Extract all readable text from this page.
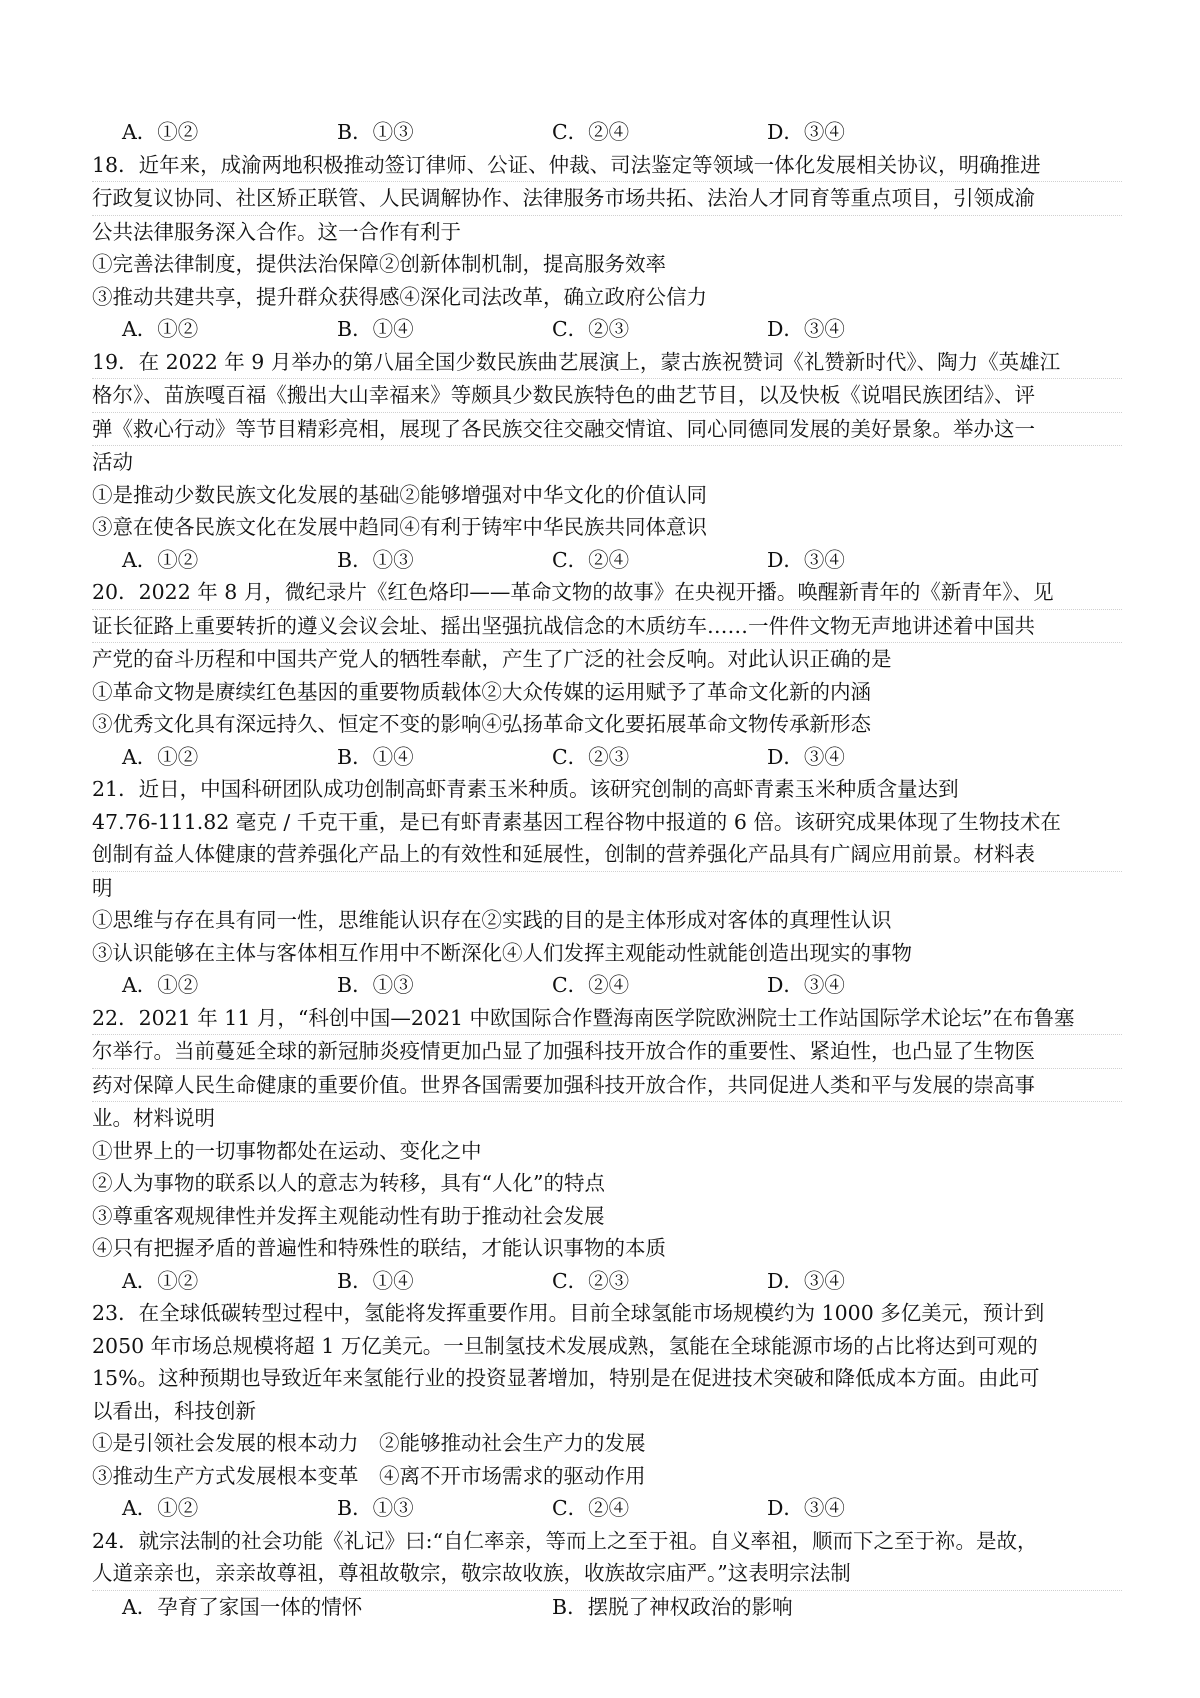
A．①②	B．①③	C．②④	D．③④
18．近年来，成渝两地积极推动签订律师、公证、仲裁、司法鉴定等领域一体化发展相关协议，明确推进
行政复议协同、社区矫正联管、人民调解协作、法律服务市场共拓、法治人才同育等重点项目，引领成渝
公共法律服务深入合作。这一合作有利于
①完善法律制度，提供法治保障②创新体制机制，提高服务效率
③推动共建共享，提升群众获得感④深化司法改革，确立政府公信力
A．①②	B．①④	C．②③	D．③④
19．在 2022 年 9 月举办的第八届全国少数民族曲艺展演上，蒙古族祝赞词《礼赞新时代》、陶力《英雄江
格尔》、苗族嘎百福《搬出大山幸福来》等颇具少数民族特色的曲艺节目，以及快板《说唱民族团结》、评
弹《救心行动》等节目精彩亮相，展现了各民族交往交融交情谊、同心同德同发展的美好景象。举办这一
活动
①是推动少数民族文化发展的基础②能够增强对中华文化的价值认同
③意在使各民族文化在发展中趋同④有利于铸牢中华民族共同体意识
A．①②	B．①③	C．②④	D．③④
20．2022 年 8 月，微纪录片《红色烙印——革命文物的故事》在央视开播。唤醒新青年的《新青年》、见
证长征路上重要转折的遵义会议会址、摇出坚强抗战信念的木质纺车……一件件文物无声地讲述着中国共
产党的奋斗历程和中国共产党人的牺牲奉献，产生了广泛的社会反响。对此认识正确的是
①革命文物是赓续红色基因的重要物质载体②大众传媒的运用赋予了革命文化新的内涵
③优秀文化具有深远持久、恒定不变的影响④弘扬革命文化要拓展革命文物传承新形态
A．①②	B．①④	C．②③	D．③④
21．近日，中国科研团队成功创制高虾青素玉米种质。该研究创制的高虾青素玉米种质含量达到
47.76-111.82 毫克 / 千克干重，是已有虾青素基因工程谷物中报道的 6 倍。该研究成果体现了生物技术在
创制有益人体健康的营养强化产品上的有效性和延展性，创制的营养强化产品具有广阔应用前景。材料表
明
①思维与存在具有同一性，思维能认识存在②实践的目的是主体形成对客体的真理性认识
③认识能够在主体与客体相互作用中不断深化④人们发挥主观能动性就能创造出现实的事物
A．①②	B．①③	C．②④	D．③④
22．2021 年 11 月，“科创中国—2021 中欧国际合作暨海南医学院欧洲院士工作站国际学术论坛”在布鲁塞
尔举行。当前蔓延全球的新冠肺炎疫情更加凸显了加强科技开放合作的重要性、紧迫性，也凸显了生物医
药对保障人民生命健康的重要价值。世界各国需要加强科技开放合作，共同促进人类和平与发展的崇高事
业。材料说明
①世界上的一切事物都处在运动、变化之中
②人为事物的联系以人的意志为转移，具有“人化”的特点
③尊重客观规律性并发挥主观能动性有助于推动社会发展
④只有把握矛盾的普遍性和特殊性的联结，才能认识事物的本质
A．①②	B．①④	C．②③	D．③④
23．在全球低碳转型过程中，氢能将发挥重要作用。目前全球氢能市场规模约为 1000 多亿美元，预计到
2050 年市场总规模将超 1 万亿美元。一旦制氢技术发展成熟，氢能在全球能源市场的占比将达到可观的
15%。这种预期也导致近年来氢能行业的投资显著增加，特别是在促进技术突破和降低成本方面。由此可
以看出，科技创新
①是引领社会发展的根本动力　②能够推动社会生产力的发展
③推动生产方式发展根本变革　④离不开市场需求的驱动作用
A．①②	B．①③	C．②④	D．③④
24．就宗法制的社会功能《礼记》曰:“自仁率亲，等而上之至于祖。自义率祖，顺而下之至于祢。是故，
人道亲亲也，亲亲故尊祖，尊祖故敬宗，敬宗故收族，收族故宗庙严。”这表明宗法制
A．孕育了家国一体的情怀	B．摆脱了神权政治的影响
